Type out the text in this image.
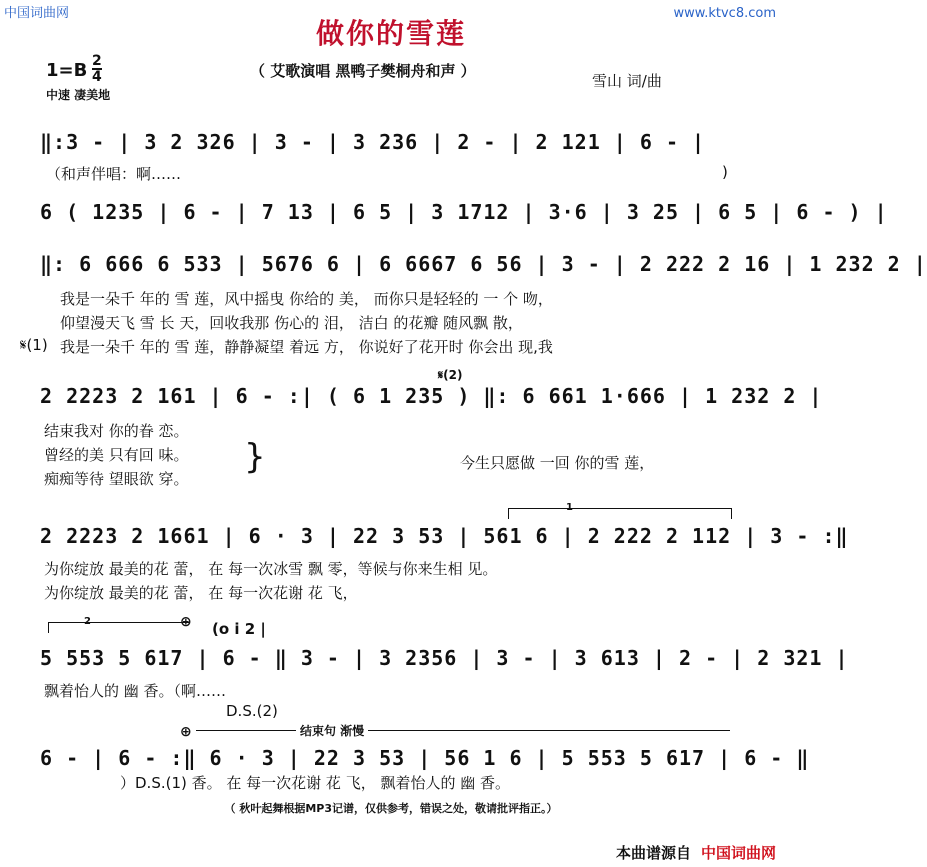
中国词曲网	www.ktvc8.com
做你的雪莲
（ 艾歌演唱 黑鸭子樊桐舟和声 ）
雪山 词/曲
$1=B \frac{2}{4}$
中速 凄美地
‖:3 - | 3 2 326 | 3 - | 3 236 | 2 - | 2 121 | 6 - |
（和声伴唱：啊……	)
6 ( 1235 | 6 - | 7 13 | 6 5 | 3 1712 | 3·6 | 3 25 | 6 5 | 6 - ) |
‖: 6 666 6 533 | 5676 6 | 6 6667 6 56 | 3 - | 2 222 2 16 | 1 232 2 |
我是一朵千 年的 雪 莲，风中摇曳 你给的 美， 而你只是轻轻的 一 个 吻，
仰望漫天飞 雪 长 天，回收我那 伤心的 泪， 洁白 的花瓣 随风飘 散，
𝄋(1) 我是一朵千 年的 雪 莲，静静凝望 着远 方， 你说好了花开时 你会出 现,我
𝄋(2)
2 2223 2 161 | 6 - :| ( 6 1 235 ) ‖: 6 661 1·666 | 1 232 2 |
结束我对 你的眷 恋。
曾经的美 只有回 味。
痴痴等待 望眼欲 穿。
}	今生只愿做 一回 你的雪 莲，
1
2 2223 2 1661 | 6 · 3 | 22 3 53 | 561 6 | 2 222 2 112 | 3 - :‖
为你绽放 最美的花 蕾， 在 每一次冰雪 飘 零，等候与你来生相 见。
为你绽放 最美的花 蕾， 在 每一次花谢 花 飞，
2	⊕ (o i 2 |
5 553 5 617 | 6 - ‖ 3 - | 3 2356 | 3 - | 3 613 | 2 - | 2 321 |
飘着怡人的 幽 香。（啊……
D.S.(2)
⊕	结束句 渐慢
6 - | 6 - :‖ 6 · 3 | 22 3 53 | 56 1 6 | 5 553 5 617 | 6 - ‖
）D.S.(1) 香。 在 每一次花谢 花 飞， 飘着怡人的 幽 香。
（ 秋叶起舞根据MP3记谱，仅供参考，错误之处，敬请批评指正。）
本曲谱源自 中国词曲网
